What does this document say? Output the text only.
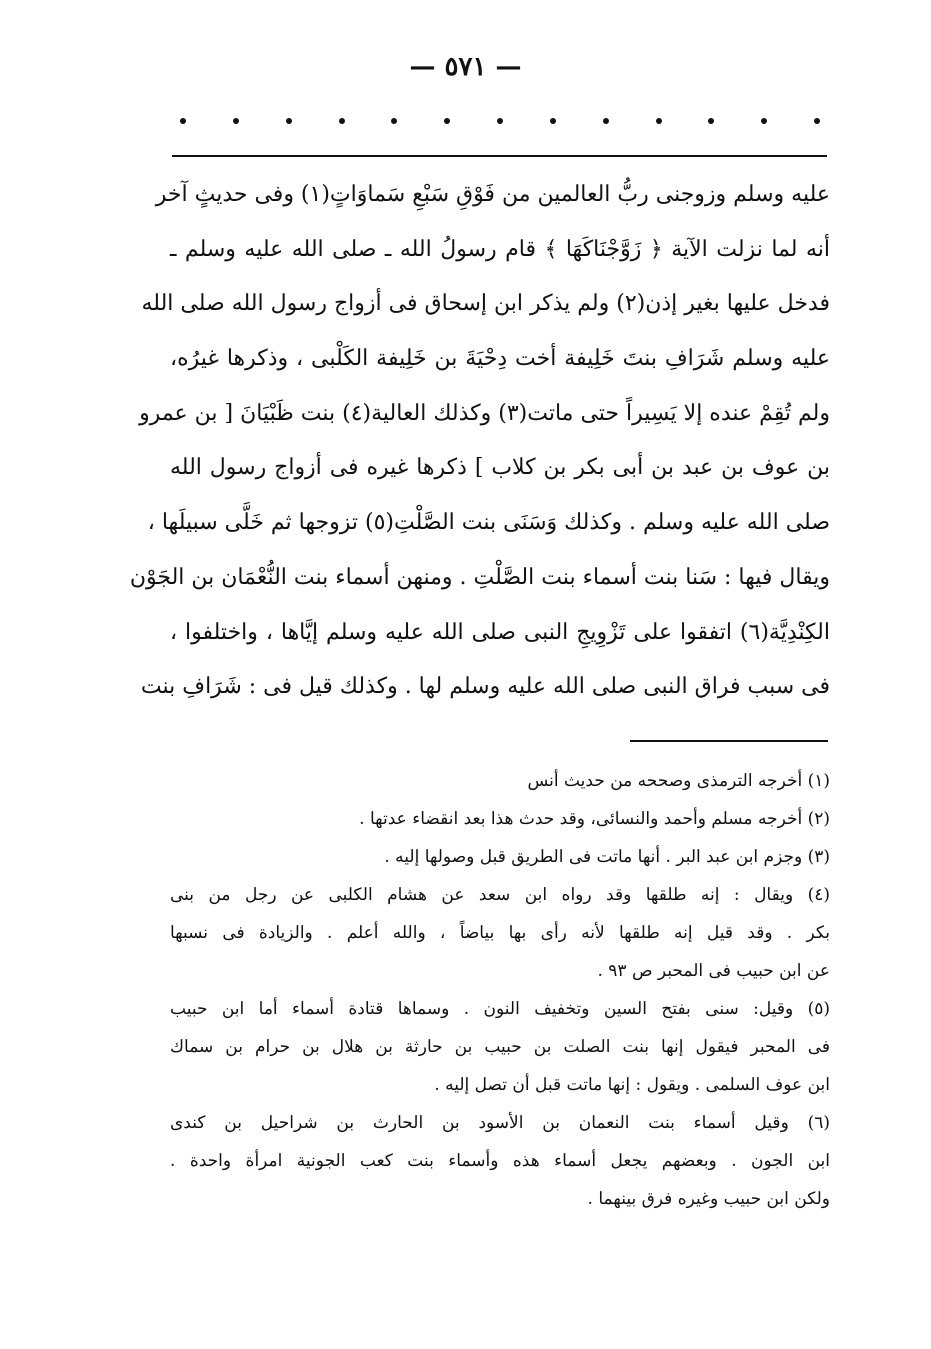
— ٥٧١ —
عليه وسلم وزوجنى ربُّ العالمين من فَوْقِ سَبْعِ سَماوَاتٍ(١) وفى حديثٍ آخر
أنه لما نزلت الآية ﴿ زَوَّجْنَاكَهَا ﴾ قام رسولُ الله ـ صلى الله عليه وسلم ـ
فدخل عليها بغير إذن(٢) ولم يذكر ابن إسحاق فى أزواج رسول الله صلى الله
عليه وسلم شَرَافِ بنتَ خَلِيفة أخت دِحْيَةَ بن خَلِيفة الكَلْبى ، وذكرها غيرُه،
ولم تُقِمْ عنده إلا يَسِيراً حتى ماتت(٣) وكذلك العالية(٤) بنت ظَبْيَانَ [ بن عمرو
بن عوف بن عبد بن أبى بكر بن كلاب ] ذكرها غيره فى أزواج رسول الله
صلى الله عليه وسلم . وكذلك وَسَنَى بنت الصَّلْتِ(٥) تزوجها ثم خَلَّى سبيلَها ،
ويقال فيها : سَنا بنت أسماء بنت الصَّلْتِ . ومنهن أسماء بنت النُّعْمَان بن الجَوْن
الكِنْدِيَّة(٦) اتفقوا على تَزْوِيجِ النبى صلى الله عليه وسلم إيَّاها ، واختلفوا ،
فى سبب فراق النبى صلى الله عليه وسلم لها . وكذلك قيل فى : شَرَافِ بنت
(١) أخرجه الترمذى وصححه من حديث أنس
(٢) أخرجه مسلم وأحمد والنسائى، وقد حدث هذا بعد انقضاء عدتها .
(٣) وجزم ابن عبد البر . أنها ماتت فى الطريق قبل وصولها إليه .
(٤) ويقال : إنه طلقها وقد رواه ابن سعد عن هشام الكلبى عن رجل من بنى
بكر . وقد قيل إنه طلقها لأنه رأى بها بياضاً ، والله أعلم . والزيادة فى نسبها
عن ابن حبيب فى المحبر ص ٩٣ .
(٥) وقيل: سنى بفتح السين وتخفيف النون . وسماها قتادة أسماء أما ابن حبيب
فى المحبر فيقول إنها بنت الصلت بن حبيب بن حارثة بن هلال بن حرام بن سماك
ابن عوف السلمى . ويقول : إنها ماتت قبل أن تصل إليه .
(٦) وقيل أسماء بنت النعمان بن الأسود بن الحارث بن شراحيل بن كندى
ابن الجون . وبعضهم يجعل أسماء هذه وأسماء بنت كعب الجونية امرأة واحدة .
ولكن ابن حبيب وغيره فرق بينهما .
